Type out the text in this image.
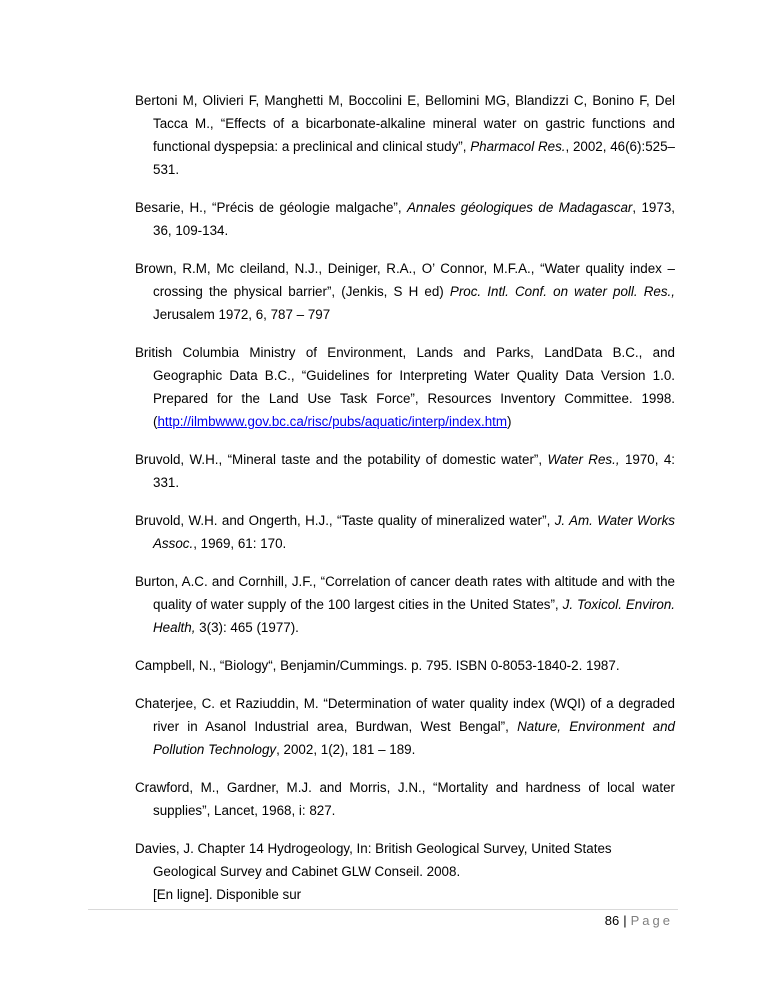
Bertoni M, Olivieri F, Manghetti M, Boccolini E, Bellomini MG, Blandizzi C, Bonino F, Del Tacca M., “Effects of a bicarbonate-alkaline mineral water on gastric functions and functional dyspepsia: a preclinical and clinical study”, Pharmacol Res., 2002, 46(6):525–531.

Besarie, H., “Précis de géologie malgache”, Annales géologiques de Madagascar, 1973, 36, 109-134.

Brown, R.M, Mc cleiland, N.J., Deiniger, R.A., O’ Connor, M.F.A., “Water quality index – crossing the physical barrier”, (Jenkis, S H ed) Proc. Intl. Conf. on water poll. Res., Jerusalem 1972, 6, 787 – 797

British Columbia Ministry of Environment, Lands and Parks, LandData B.C., and Geographic Data B.C., “Guidelines for Interpreting Water Quality Data Version 1.0. Prepared for the Land Use Task Force”, Resources Inventory Committee. 1998. (http://ilmbwww.gov.bc.ca/risc/pubs/aquatic/interp/index.htm)

Bruvold, W.H., “Mineral taste and the potability of domestic water”, Water Res., 1970, 4: 331.

Bruvold, W.H. and Ongerth, H.J., “Taste quality of mineralized water”, J. Am. Water Works Assoc., 1969, 61: 170.

Burton, A.C. and Cornhill, J.F., “Correlation of cancer death rates with altitude and with the quality of water supply of the 100 largest cities in the United States”, J. Toxicol. Environ. Health, 3(3): 465 (1977).

Campbell, N., “Biology“, Benjamin/Cummings. p. 795. ISBN 0-8053-1840-2. 1987.

Chaterjee, C. et Raziuddin, M. “Determination of water quality index (WQI) of a degraded river in Asanol Industrial area, Burdwan, West Bengal”, Nature, Environment and Pollution Technology, 2002, 1(2), 181 – 189.

Crawford, M., Gardner, M.J. and Morris, J.N., “Mortality and hardness of local water supplies”, Lancet, 1968, i: 827.

Davies, J. Chapter 14 Hydrogeology, In: British Geological Survey, United States
Geological Survey and Cabinet GLW Conseil. 2008.
[En ligne]. Disponible sur

86 | Page
